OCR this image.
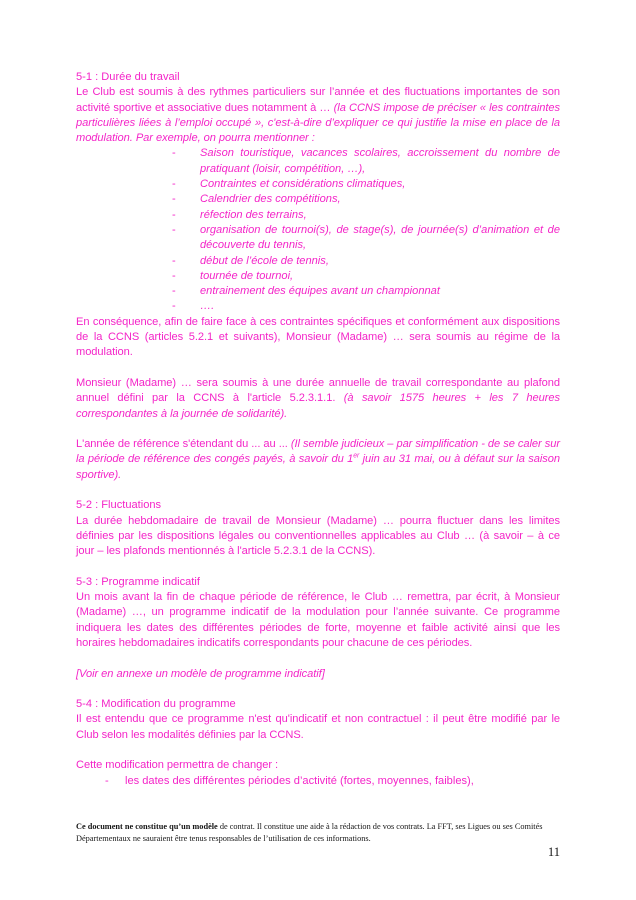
5-1 : Durée du travail

Le Club est soumis à des rythmes particuliers sur l’année et des fluctuations importantes de son activité sportive et associative dues notamment à … (la CCNS impose de préciser « les contraintes particulières liées à l’emploi occupé », c'est-à-dire d’expliquer ce qui justifie la mise en place de la modulation. Par exemple, on pourra mentionner :

- Saison touristique, vacances scolaires, accroissement du nombre de pratiquant (loisir, compétition, …),
- Contraintes et considérations climatiques,
- Calendrier des compétitions,
- réfection des terrains,
- organisation de tournoi(s), de stage(s), de journée(s) d’animation et de découverte du tennis,
- début de l’école de tennis,
- tournée de tournoi,
- entrainement des équipes avant un championnat
- ….

En conséquence, afin de faire face à ces contraintes spécifiques et conformément aux dispositions de la CCNS (articles 5.2.1 et suivants), Monsieur (Madame) … sera soumis au régime de la modulation.

Monsieur (Madame) … sera soumis à une durée annuelle de travail correspondante au plafond annuel défini par la CCNS à l'article 5.2.3.1.1. (à savoir 1575 heures + les 7 heures correspondantes à la journée de solidarité).

L'année de référence s'étendant du ... au ... (Il semble judicieux – par simplification - de se caler sur la période de référence des congés payés, à savoir du 1er juin au 31 mai, ou à défaut sur la saison sportive).

5-2 : Fluctuations

La durée hebdomadaire de travail de Monsieur (Madame) … pourra fluctuer dans les limites définies par les dispositions légales ou conventionnelles applicables au Club … (à savoir – à ce jour – les plafonds mentionnés à l'article 5.2.3.1 de la CCNS).

5-3 : Programme indicatif

Un mois avant la fin de chaque période de référence, le Club … remettra, par écrit, à Monsieur (Madame) …, un programme indicatif de la modulation pour l’année suivante. Ce programme indiquera les dates des différentes périodes de forte, moyenne et faible activité ainsi que les horaires hebdomadaires indicatifs correspondants pour chacune de ces périodes.

[Voir en annexe un modèle de programme indicatif]

5-4 : Modification du programme

Il est entendu que ce programme n'est qu'indicatif et non contractuel : il peut être modifié par le Club selon les modalités définies par la CCNS.

Cette modification permettra de changer :

- les dates des différentes périodes d’activité (fortes, moyennes, faibles),
Ce document ne constitue qu’un modèle de contrat. Il constitue une aide à la rédaction de vos contrats. La FFT, ses Ligues ou ses Comités Départementaux ne sauraient être tenus responsables de l’utilisation de ces informations.
11
